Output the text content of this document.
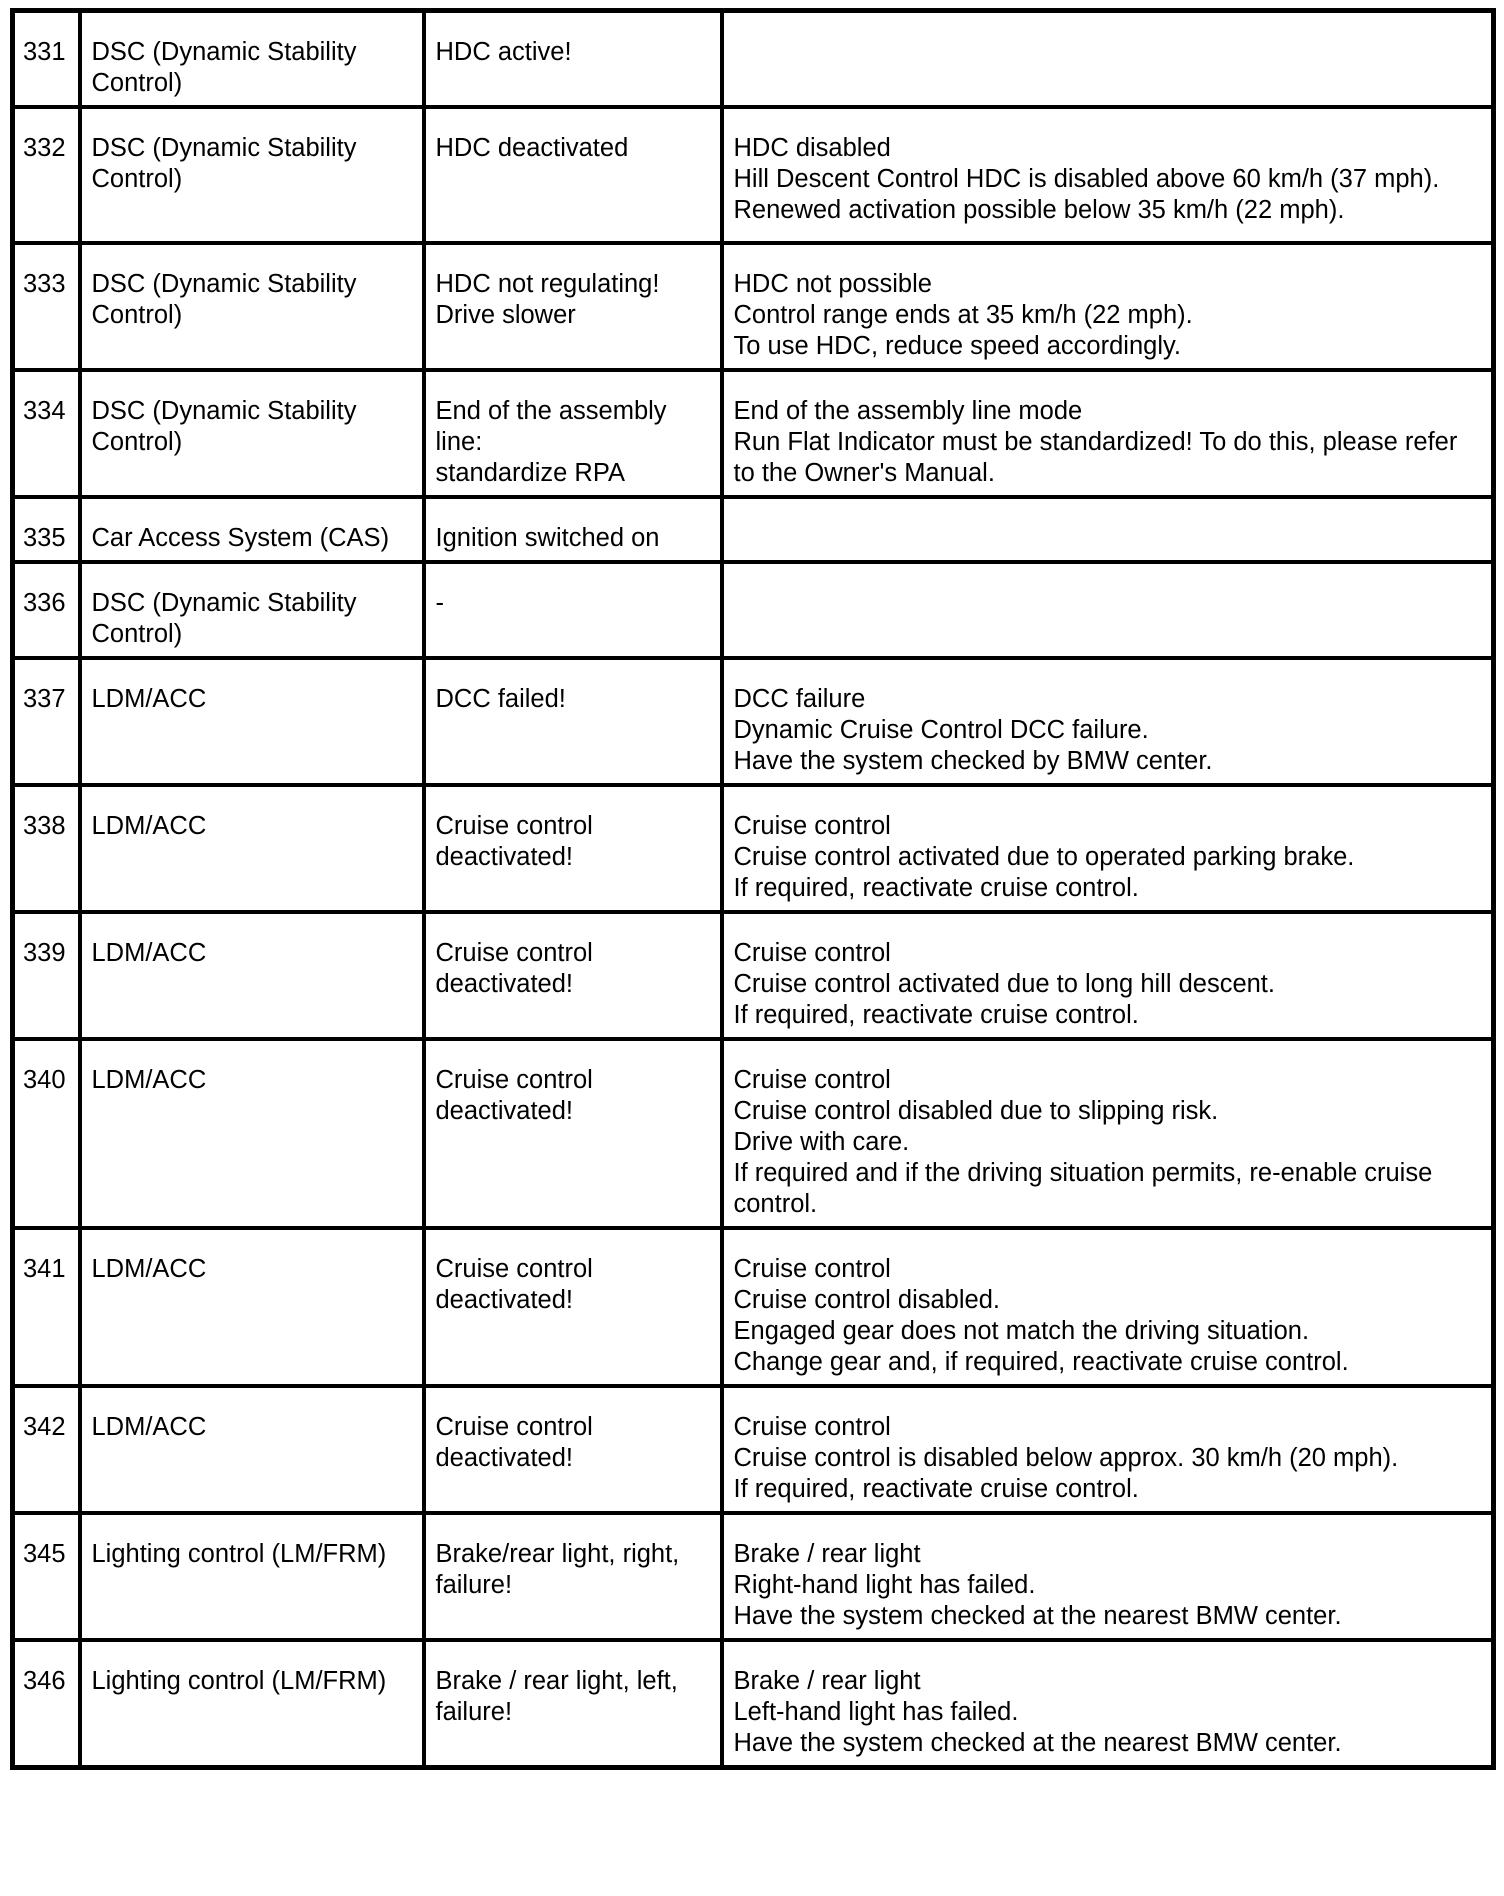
331	DSC (Dynamic Stability Control)	HDC active!	
332	DSC (Dynamic Stability Control)	HDC deactivated	HDC disabled
Hill Descent Control HDC is disabled above 60 km/h (37 mph).
Renewed activation possible below 35 km/h (22 mph).
333	DSC (Dynamic Stability Control)	HDC not regulating!
Drive slower	HDC not possible
Control range ends at 35 km/h (22 mph).
To use HDC, reduce speed accordingly.
334	DSC (Dynamic Stability Control)	End of the assembly line:
standardize RPA	End of the assembly line mode
Run Flat Indicator must be standardized! To do this, please refer to the Owner's Manual.
335	Car Access System (CAS)	Ignition switched on	
336	DSC (Dynamic Stability Control)	-	
337	LDM/ACC	DCC failed!	DCC failure
Dynamic Cruise Control DCC failure.
Have the system checked by BMW center.
338	LDM/ACC	Cruise control deactivated!	Cruise control
Cruise control activated due to operated parking brake.
If required, reactivate cruise control.
339	LDM/ACC	Cruise control deactivated!	Cruise control
Cruise control activated due to long hill descent.
If required, reactivate cruise control.
340	LDM/ACC	Cruise control deactivated!	Cruise control
Cruise control disabled due to slipping risk.
Drive with care.
If required and if the driving situation permits, re-enable cruise control.
341	LDM/ACC	Cruise control deactivated!	Cruise control
Cruise control disabled.
Engaged gear does not match the driving situation.
Change gear and, if required, reactivate cruise control.
342	LDM/ACC	Cruise control deactivated!	Cruise control
Cruise control is disabled below approx. 30 km/h (20 mph).
If required, reactivate cruise control.
345	Lighting control (LM/FRM)	Brake/rear light, right, failure!	Brake / rear light
Right-hand light has failed.
Have the system checked at the nearest BMW center.
346	Lighting control (LM/FRM)	Brake / rear light, left, failure!	Brake / rear light
Left-hand light has failed.
Have the system checked at the nearest BMW center.
